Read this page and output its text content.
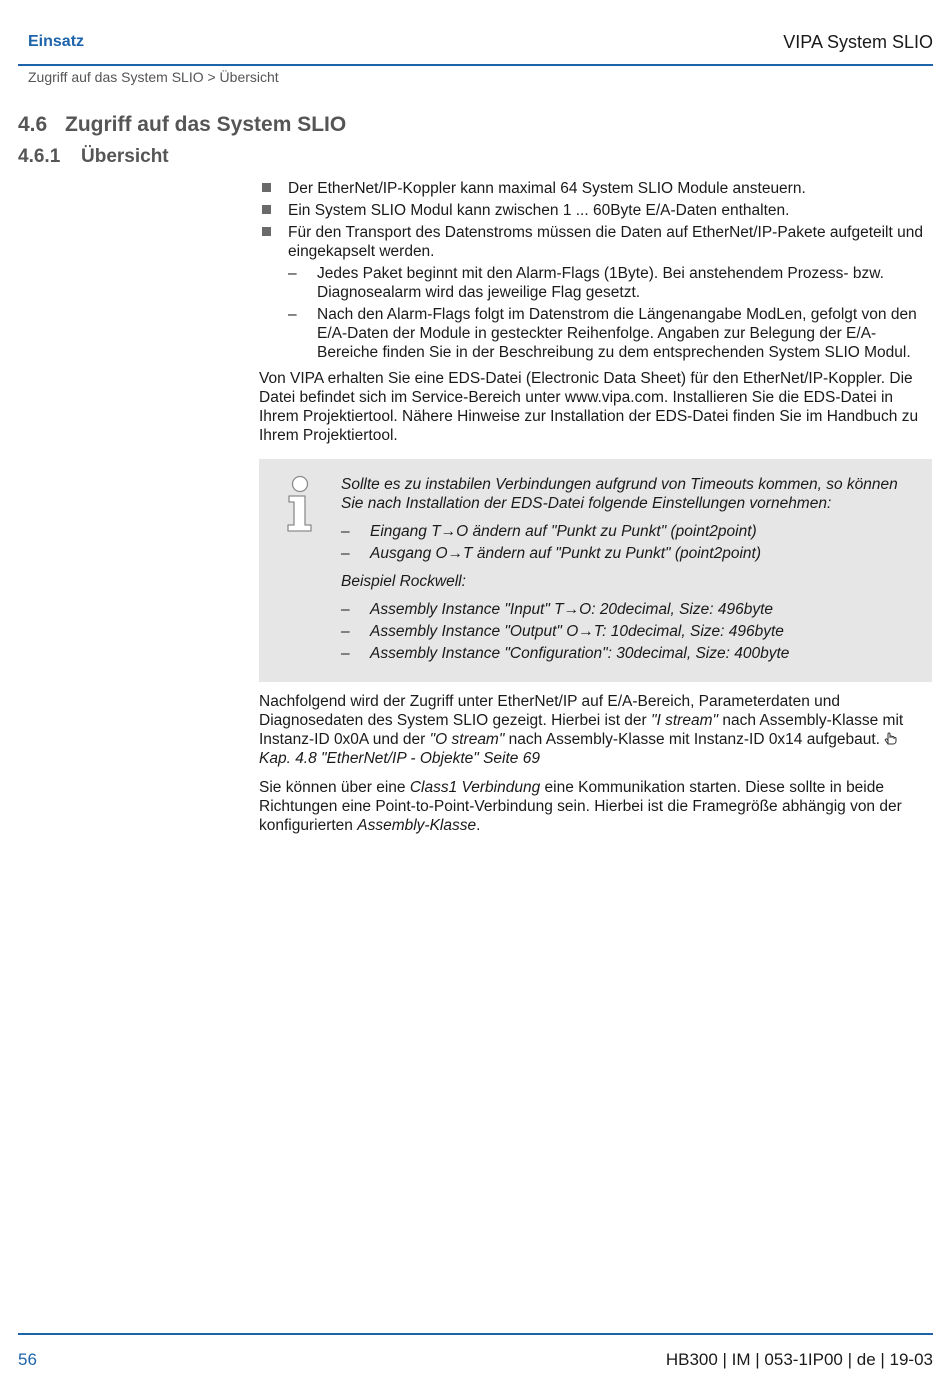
Einsatz	VIPA System SLIO
Zugriff auf das System SLIO > Übersicht
4.6 Zugriff auf das System SLIO
4.6.1 Übersicht
Der EtherNet/IP-Koppler kann maximal 64 System SLIO Module ansteuern.
Ein System SLIO Modul kann zwischen 1 ... 60Byte E/A-Daten enthalten.
Für den Transport des Datenstroms müssen die Daten auf EtherNet/IP-Pakete aufgeteilt und eingekapselt werden.
– Jedes Paket beginnt mit den Alarm-Flags (1Byte). Bei anstehendem Prozess- bzw. Diagnosealarm wird das jeweilige Flag gesetzt.
– Nach den Alarm-Flags folgt im Datenstrom die Längenangabe ModLen, gefolgt von den E/A-Daten der Module in gesteckter Reihenfolge. Angaben zur Belegung der E/A-Bereiche finden Sie in der Beschreibung zu dem entsprechenden System SLIO Modul.

Von VIPA erhalten Sie eine EDS-Datei (Electronic Data Sheet) für den EtherNet/IP-Koppler. Die Datei befindet sich im Service-Bereich unter www.vipa.com. Installieren Sie die EDS-Datei in Ihrem Projektiertool. Nähere Hinweise zur Installation der EDS-Datei finden Sie im Handbuch zu Ihrem Projektiertool.

Sollte es zu instabilen Verbindungen aufgrund von Timeouts kommen, so können Sie nach Installation der EDS-Datei folgende Einstellungen vornehmen:

– Eingang T→O ändern auf "Punkt zu Punkt" (point2point)
– Ausgang O→T ändern auf "Punkt zu Punkt" (point2point)

Beispiel Rockwell:

– Assembly Instance "Input" T→O: 20decimal, Size: 496byte
– Assembly Instance "Output" O→T: 10decimal, Size: 496byte
– Assembly Instance "Configuration": 30decimal, Size: 400byte

Nachfolgend wird der Zugriff unter EtherNet/IP auf E/A-Bereich, Parameterdaten und Diagnosedaten des System SLIO gezeigt. Hierbei ist der "I stream" nach Assembly-Klasse mit Instanz-ID 0x0A und der "O stream" nach Assembly-Klasse mit Instanz-ID 0x14 aufgebaut. Kap. 4.8 "EtherNet/IP - Objekte" Seite 69

Sie können über eine Class1 Verbindung eine Kommunikation starten. Diese sollte in beide Richtungen eine Point-to-Point-Verbindung sein. Hierbei ist die Framegröße abhängig von der konfigurierten Assembly-Klasse.

56	HB300 | IM | 053-1IP00 | de | 19-03
